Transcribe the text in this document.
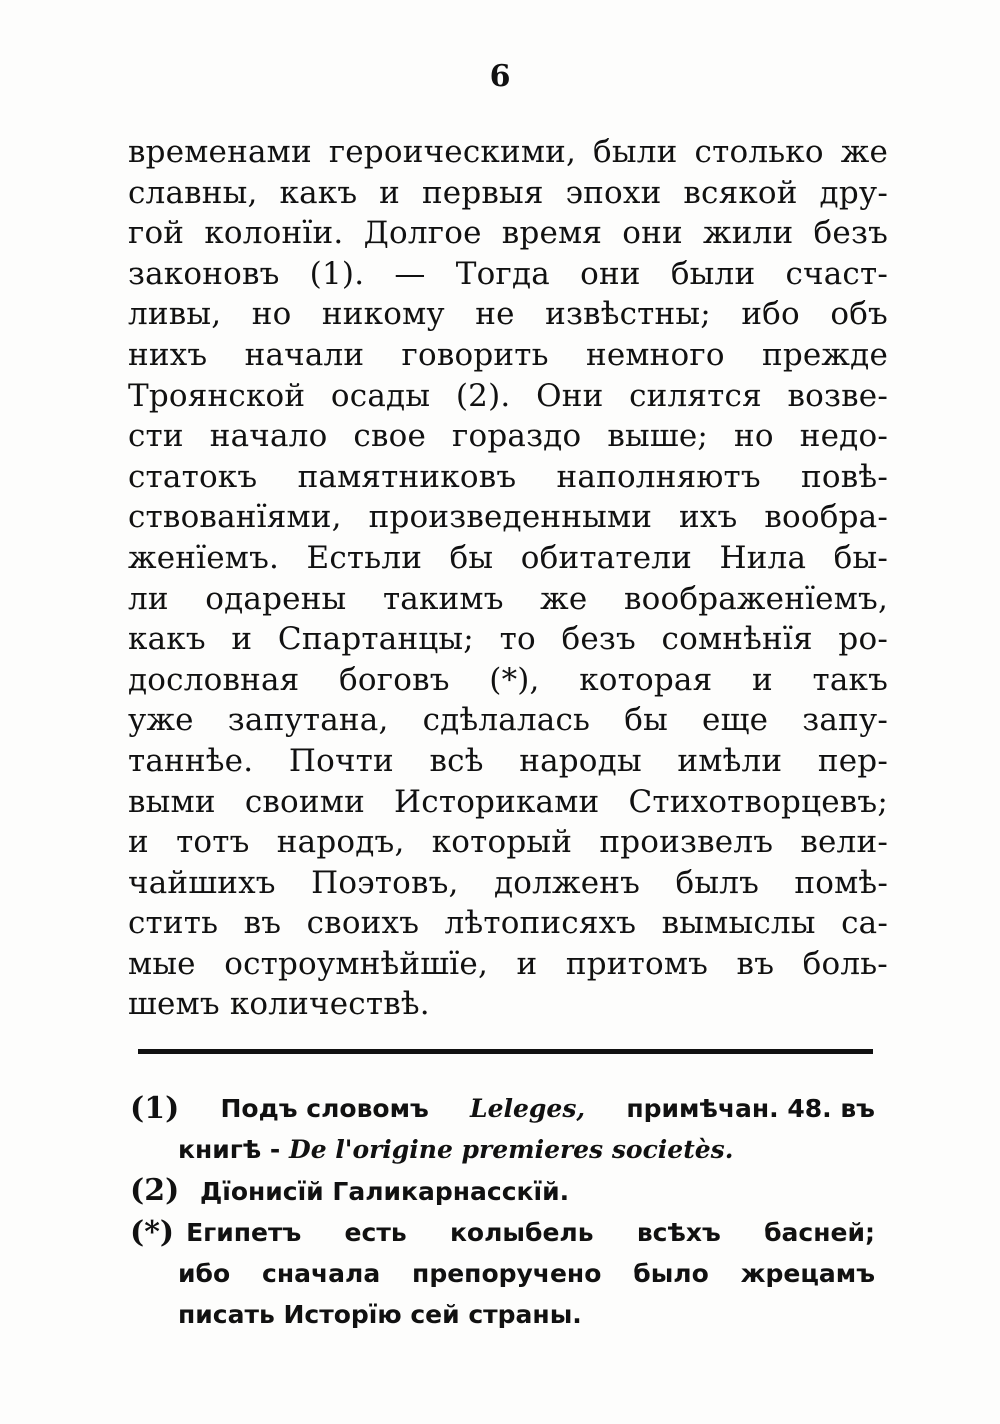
6
временами героическими, были столько же
славны, какъ и первыя эпохи всякой дру-
гой колонїи. Долгое время они жили безъ
законовъ (1). — Тогда они были счаст-
ливы, но никому не извѣстны; ибо объ
нихъ начали говорить немного прежде
Троянской осады (2). Они силятся возве-
сти начало свое гораздо выше; но недо-
статокъ памятниковъ наполняютъ повѣ-
ствованїями, произведенными ихъ вообра-
женїемъ. Естьли бы обитатели Нила бы-
ли одарены такимъ же воображенїемъ,
какъ и Спартанцы; то безъ сомнѣнїя ро-
дословная боговъ (*), которая и такъ
уже запутана, сдѣлалась бы еще запу-
таннѣе. Почти всѣ народы имѣли пер-
выми своими Историками Стихотворцевъ;
и тотъ народъ, который произвелъ вели-
чайшихъ Поэтовъ, долженъ былъ помѣ-
стить въ своихъ лѣтописяхъ вымыслы са-
мые остроумнѣйшїе, и притомъ въ боль-
шемъ количествѣ.
(1) Подъ словомъ Leleges, примѣчан. 48. въ
книгѣ - De l'origine premieres societès.
(2) Дїонисїй Галикарнасскїй.
(*) Египетъ есть колыбель всѣхъ басней;
ибо сначала препоручено было жрецамъ
писать Исторїю сей страны.
